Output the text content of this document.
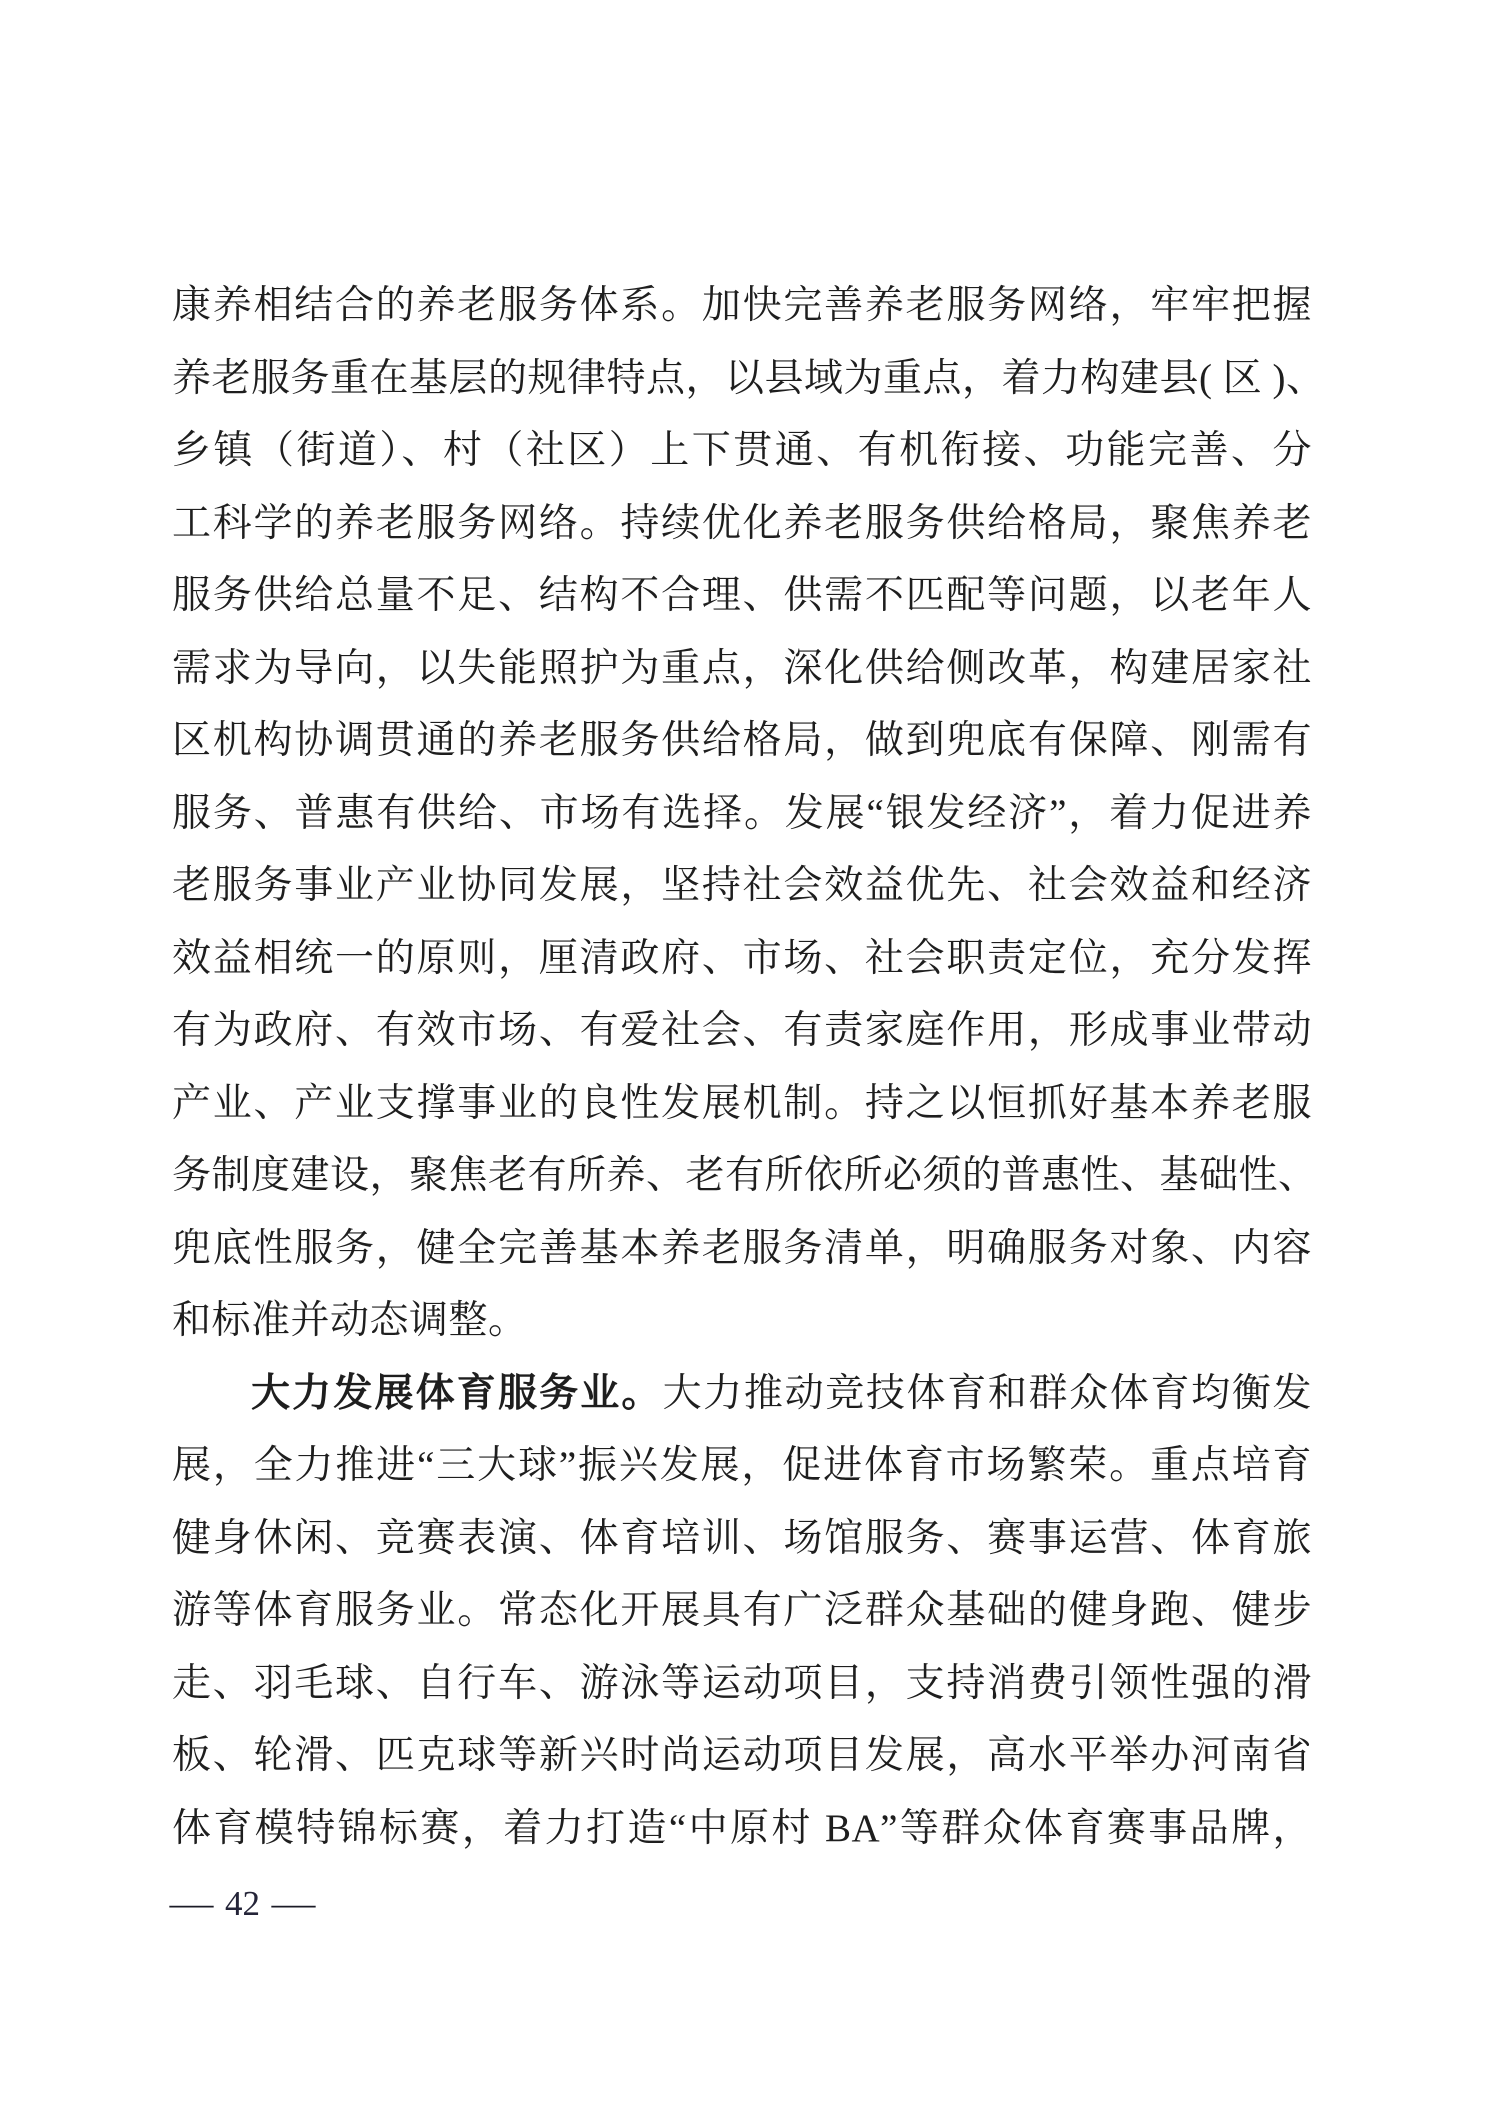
康养相结合的养老服务体系。加快完善养老服务网络，牢牢把握
养老服务重在基层的规律特点，以县域为重点，着力构建县( 区 )、
乡镇（街道）、村（社区）上下贯通、有机衔接、功能完善、分
工科学的养老服务网络。持续优化养老服务供给格局，聚焦养老
服务供给总量不足、结构不合理、供需不匹配等问题，以老年人
需求为导向，以失能照护为重点，深化供给侧改革，构建居家社
区机构协调贯通的养老服务供给格局，做到兜底有保障、刚需有
服务、普惠有供给、市场有选择。发展“银发经济”，着力促进养
老服务事业产业协同发展，坚持社会效益优先、社会效益和经济
效益相统一的原则，厘清政府、市场、社会职责定位，充分发挥
有为政府、有效市场、有爱社会、有责家庭作用，形成事业带动
产业、产业支撑事业的良性发展机制。持之以恒抓好基本养老服
务制度建设，聚焦老有所养、老有所依所必须的普惠性、基础性、
兜底性服务，健全完善基本养老服务清单，明确服务对象、内容
和标准并动态调整。
大力发展体育服务业。大力推动竞技体育和群众体育均衡发
展，全力推进“三大球”振兴发展，促进体育市场繁荣。重点培育
健身休闲、竞赛表演、体育培训、场馆服务、赛事运营、体育旅
游等体育服务业。常态化开展具有广泛群众基础的健身跑、健步
走、羽毛球、自行车、游泳等运动项目，支持消费引领性强的滑
板、轮滑、匹克球等新兴时尚运动项目发展，高水平举办河南省
体育模特锦标赛，着力打造“中原村 BA”等群众体育赛事品牌，
— 42 —
